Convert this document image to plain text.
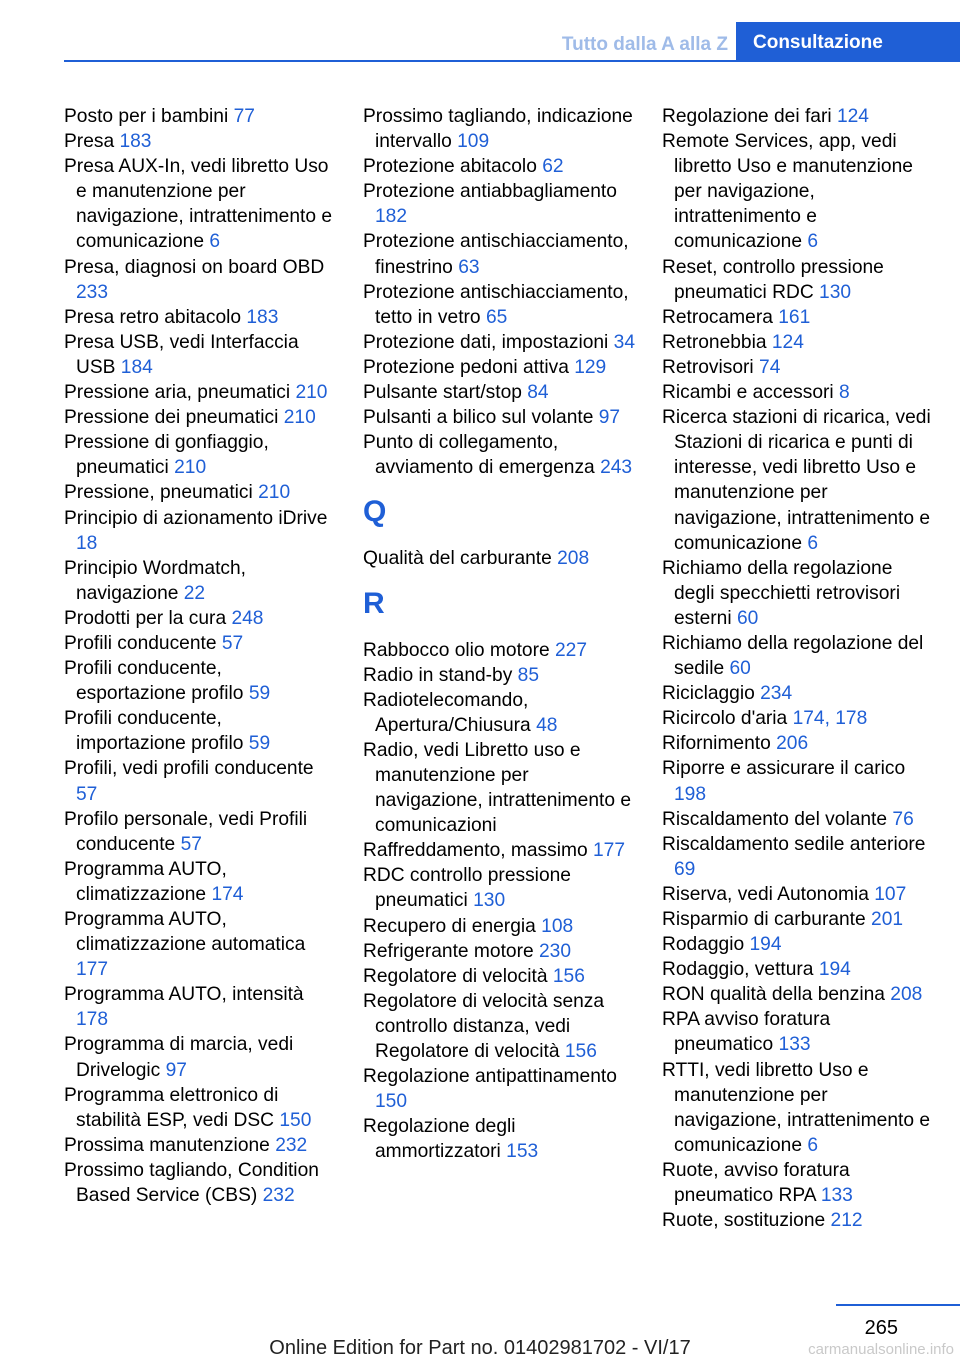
Tutto dalla A alla Z	Consultazione
Posto per i bambini 77
Presa 183
Presa AUX-In, vedi libretto Uso e manutenzione per navigazione, intrattenimento e comunicazione 6
Presa, diagnosi on board OBD 233
Presa retro abitacolo 183
Presa USB, vedi Interfaccia USB 184
Pressione aria, pneumatici 210
Pressione dei pneumatici 210
Pressione di gonfiaggio, pneumatici 210
Pressione, pneumatici 210
Principio di azionamento iDrive 18
Principio Wordmatch, navigazione 22
Prodotti per la cura 248
Profili conducente 57
Profili conducente, esportazione profilo 59
Profili conducente, importazione profilo 59
Profili, vedi profili conducente 57
Profilo personale, vedi Profili conducente 57
Programma AUTO, climatizzazione 174
Programma AUTO, climatizzazione automatica 177
Programma AUTO, intensità 178
Programma di marcia, vedi Drivelogic 97
Programma elettronico di stabilità ESP, vedi DSC 150
Prossima manutenzione 232
Prossimo tagliando, Condition Based Service (CBS) 232
Prossimo tagliando, indicazione intervallo 109
Protezione abitacolo 62
Protezione antiabbagliamento 182
Protezione antischiacciamento, finestrino 63
Protezione antischiacciamento, tetto in vetro 65
Protezione dati, impostazioni 34
Protezione pedoni attiva 129
Pulsante start/stop 84
Pulsanti a bilico sul volante 97
Punto di collegamento, avviamento di emergenza 243
Q
Qualità del carburante 208
R
Rabbocco olio motore 227
Radio in stand-by 85
Radiotelecomando, Apertura/Chiusura 48
Radio, vedi Libretto uso e manutenzione per navigazione, intrattenimento e comunicazioni
Raffreddamento, massimo 177
RDC controllo pressione pneumatici 130
Recupero di energia 108
Refrigerante motore 230
Regolatore di velocità 156
Regolatore di velocità senza controllo distanza, vedi Regolatore di velocità 156
Regolazione antipattinamento 150
Regolazione degli ammortizzatori 153
Regolazione dei fari 124
Remote Services, app, vedi libretto Uso e manutenzione per navigazione, intrattenimento e comunicazione 6
Reset, controllo pressione pneumatici RDC 130
Retrocamera 161
Retronebbia 124
Retrovisori 74
Ricambi e accessori 8
Ricerca stazioni di ricarica, vedi Stazioni di ricarica e punti di interesse, vedi libretto Uso e manutenzione per navigazione, intrattenimento e comunicazione 6
Richiamo della regolazione degli specchietti retrovisori esterni 60
Richiamo della regolazione del sedile 60
Riciclaggio 234
Ricircolo d'aria 174, 178
Rifornimento 206
Riporre e assicurare il carico 198
Riscaldamento del volante 76
Riscaldamento sedile anteriore 69
Riserva, vedi Autonomia 107
Risparmio di carburante 201
Rodaggio 194
Rodaggio, vettura 194
RON qualità della benzina 208
RPA avviso foratura pneumatico 133
RTTI, vedi libretto Uso e manutenzione per navigazione, intrattenimento e comunicazione 6
Ruote, avviso foratura pneumatico RPA 133
Ruote, sostituzione 212
265
Online Edition for Part no. 01402981702 - VI/17	carmanualsonline.info
